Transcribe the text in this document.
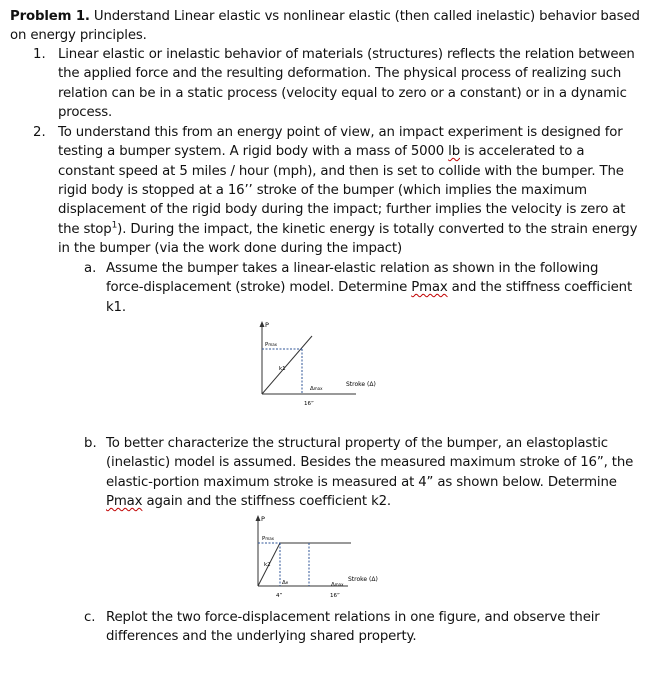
Problem 1. Understand Linear elastic vs nonlinear elastic (then called inelastic) behavior based
on energy principles.
1. Linear elastic or inelastic behavior of materials (structures) reflects the relation between
the applied force and the resulting deformation. The physical process of realizing such
relation can be in a static process (velocity equal to zero or a constant) or in a dynamic
process.
2. To understand this from an energy point of view, an impact experiment is designed for
testing a bumper system. A rigid body with a mass of 5000 lb is accelerated to a
constant speed at 5 miles / hour (mph), and then is set to collide with the bumper. The
rigid body is stopped at a 16’’ stroke of the bumper (which implies the maximum
displacement of the rigid body during the impact; further implies the velocity is zero at
the stop$^1$). During the impact, the kinetic energy is totally converted to the strain energy
in the bumper (via the work done during the impact)
a. Assume the bumper takes a linear-elastic relation as shown in the following
force-displacement (stroke) model. Determine Pmax and the stiffness coefficient
k1.
P
Pmax
k1
Δmax
Stroke (Δ)
16”
b. To better characterize the structural property of the bumper, an elastoplastic
(inelastic) model is assumed. Besides the measured maximum stroke of 16”, the
elastic-portion maximum stroke is measured at 4” as shown below. Determine
Pmax again and the stiffness coefficient k2.
P
Pmax
k2
Δe	Δmax
Stroke (Δ)
4”	16”
c. Replot the two force-displacement relations in one figure, and observe their
differences and the underlying shared property.
